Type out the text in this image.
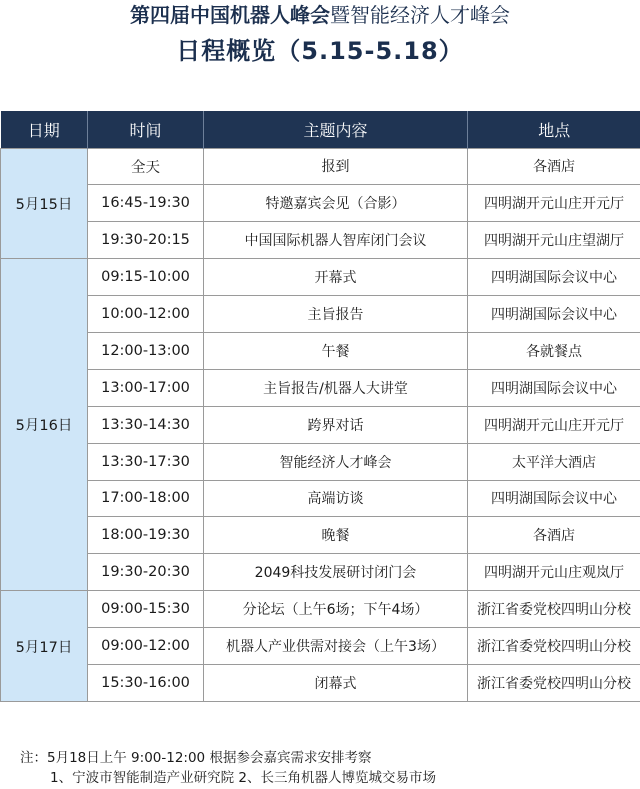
第四届中国机器人峰会暨智能经济人才峰会
日程概览（5.15-5.18）
日期	时间	主题内容	地点
5月15日	全天	报到	各酒店
	16:45-19:30	特邀嘉宾会见（合影）	四明湖开元山庄开元厅
	19:30-20:15	中国国际机器人智库闭门会议	四明湖开元山庄望湖厅
5月16日	09:15-10:00	开幕式	四明湖国际会议中心
	10:00-12:00	主旨报告	四明湖国际会议中心
	12:00-13:00	午餐	各就餐点
	13:00-17:00	主旨报告/机器人大讲堂	四明湖国际会议中心
	13:30-14:30	跨界对话	四明湖开元山庄开元厅
	13:30-17:30	智能经济人才峰会	太平洋大酒店
	17:00-18:00	高端访谈	四明湖国际会议中心
	18:00-19:30	晚餐	各酒店
	19:30-20:30	2049科技发展研讨闭门会	四明湖开元山庄观岚厅
5月17日	09:00-15:30	分论坛（上午6场；下午4场）	浙江省委党校四明山分校
	09:00-12:00	机器人产业供需对接会（上午3场）	浙江省委党校四明山分校
	15:30-16:00	闭幕式	浙江省委党校四明山分校
注：5月18日上午 9:00-12:00 根据参会嘉宾需求安排考察
1、宁波市智能制造产业研究院 2、长三角机器人博览城交易市场
